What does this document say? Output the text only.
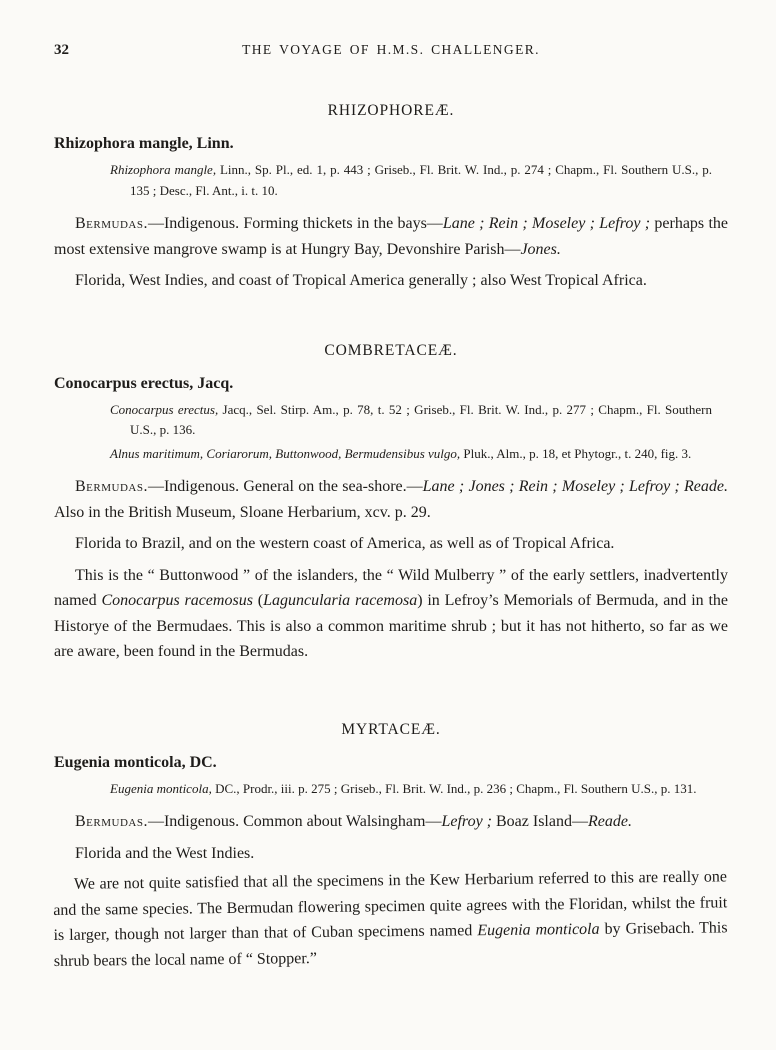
32	THE VOYAGE OF H.M.S. CHALLENGER.
RHIZOPHOREÆ.
Rhizophora mangle, Linn.

Rhizophora mangle, Linn., Sp. Pl., ed. 1, p. 443 ; Griseb., Fl. Brit. W. Ind., p. 274 ; Chapm., Fl. Southern U.S., p. 135 ; Desc., Fl. Ant., i. t. 10.

Bermudas.—Indigenous. Forming thickets in the bays—Lane ; Rein ; Moseley ; Lefroy ; perhaps the most extensive mangrove swamp is at Hungry Bay, Devonshire Parish—Jones.

Florida, West Indies, and coast of Tropical America generally ; also West Tropical Africa.

COMBRETACEÆ.
Conocarpus erectus, Jacq.

Conocarpus erectus, Jacq., Sel. Stirp. Am., p. 78, t. 52 ; Griseb., Fl. Brit. W. Ind., p. 277 ; Chapm., Fl. Southern U.S., p. 136.

Alnus maritimum, Coriarorum, Buttonwood, Bermudensibus vulgo, Pluk., Alm., p. 18, et Phytogr., t. 240, fig. 3.

Bermudas.—Indigenous. General on the sea-shore.—Lane ; Jones ; Rein ; Moseley ; Lefroy ; Reade. Also in the British Museum, Sloane Herbarium, xcv. p. 29.

Florida to Brazil, and on the western coast of America, as well as of Tropical Africa.

This is the “ Buttonwood ” of the islanders, the “ Wild Mulberry ” of the early settlers, inadvertently named Conocarpus racemosus (Laguncularia racemosa) in Lefroy’s Memorials of Bermuda, and in the Historye of the Bermudaes. This is also a common maritime shrub ; but it has not hitherto, so far as we are aware, been found in the Bermudas.

MYRTACEÆ.
Eugenia monticola, DC.

Eugenia monticola, DC., Prodr., iii. p. 275 ; Griseb., Fl. Brit. W. Ind., p. 236 ; Chapm., Fl. Southern U.S., p. 131.

Bermudas.—Indigenous. Common about Walsingham—Lefroy ; Boaz Island—Reade.

Florida and the West Indies.

We are not quite satisfied that all the specimens in the Kew Herbarium referred to this are really one and the same species. The Bermudan flowering specimen quite agrees with the Floridan, whilst the fruit is larger, though not larger than that of Cuban specimens named Eugenia monticola by Grisebach. This shrub bears the local name of “ Stopper.”
